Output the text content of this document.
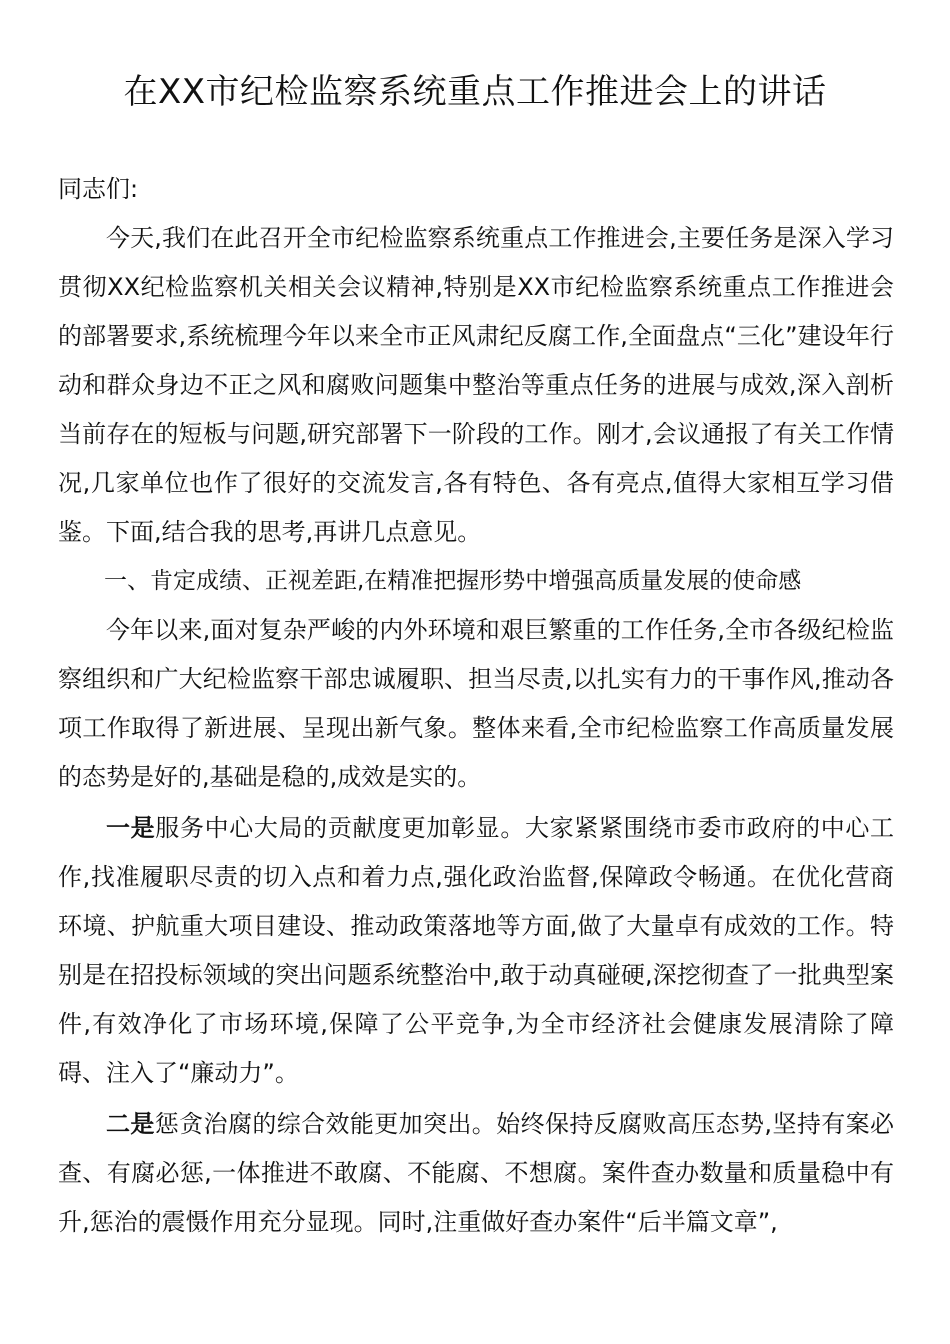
在XX市纪检监察系统重点工作推进会上的讲话

同志们:

今天,我们在此召开全市纪检监察系统重点工作推进会,主要任务是深入学习贯彻XX纪检监察机关相关会议精神,特别是XX市纪检监察系统重点工作推进会的部署要求,系统梳理今年以来全市正风肃纪反腐工作,全面盘点“三化”建设年行动和群众身边不正之风和腐败问题集中整治等重点任务的进展与成效,深入剖析当前存在的短板与问题,研究部署下一阶段的工作。刚才,会议通报了有关工作情况,几家单位也作了很好的交流发言,各有特色、各有亮点,值得大家相互学习借鉴。下面,结合我的思考,再讲几点意见。

一、肯定成绩、正视差距,在精准把握形势中增强高质量发展的使命感

今年以来,面对复杂严峻的内外环境和艰巨繁重的工作任务,全市各级纪检监察组织和广大纪检监察干部忠诚履职、担当尽责,以扎实有力的干事作风,推动各项工作取得了新进展、呈现出新气象。整体来看,全市纪检监察工作高质量发展的态势是好的,基础是稳的,成效是实的。

一是服务中心大局的贡献度更加彰显。大家紧紧围绕市委市政府的中心工作,找准履职尽责的切入点和着力点,强化政治监督,保障政令畅通。在优化营商环境、护航重大项目建设、推动政策落地等方面,做了大量卓有成效的工作。特别是在招投标领域的突出问题系统整治中,敢于动真碰硬,深挖彻查了一批典型案件,有效净化了市场环境,保障了公平竞争,为全市经济社会健康发展清除了障碍、注入了“廉动力”。

二是惩贪治腐的综合效能更加突出。始终保持反腐败高压态势,坚持有案必查、有腐必惩,一体推进不敢腐、不能腐、不想腐。案件查办数量和质量稳中有升,惩治的震慑作用充分显现。同时,注重做好查办案件“后半篇文章”,
